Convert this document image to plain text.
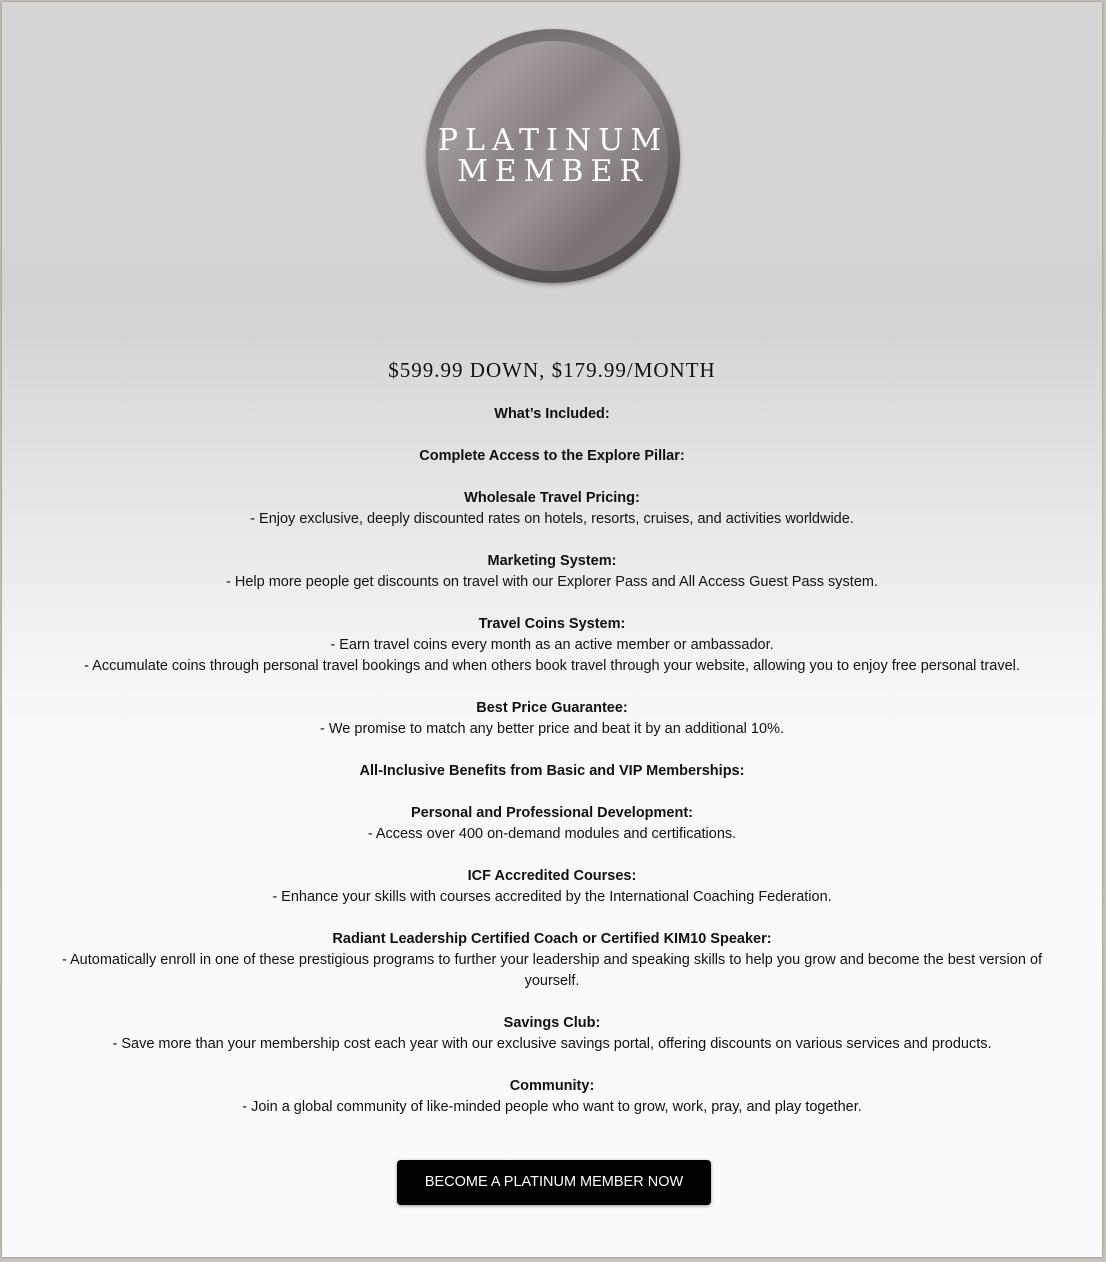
PLATINUM
MEMBER
$599.99 DOWN, $179.99/MONTH

What’s Included:

Complete Access to the Explore Pillar:

Wholesale Travel Pricing:

- Enjoy exclusive, deeply discounted rates on hotels, resorts, cruises, and activities worldwide.

Marketing System:

- Help more people get discounts on travel with our Explorer Pass and All Access Guest Pass system.

Travel Coins System:

- Earn travel coins every month as an active member or ambassador.

- Accumulate coins through personal travel bookings and when others book travel through your website, allowing you to enjoy free personal travel.

Best Price Guarantee:

- We promise to match any better price and beat it by an additional 10%.

All-Inclusive Benefits from Basic and VIP Memberships:

Personal and Professional Development:

- Access over 400 on-demand modules and certifications.

ICF Accredited Courses:

- Enhance your skills with courses accredited by the International Coaching Federation.

Radiant Leadership Certified Coach or Certified KIM10 Speaker:

- Automatically enroll in one of these prestigious programs to further your leadership and speaking skills to help you grow and become the best version of yourself.

Savings Club:

- Save more than your membership cost each year with our exclusive savings portal, offering discounts on various services and products.

Community:

- Join a global community of like-minded people who want to grow, work, pray, and play together.

BECOME A PLATINUM MEMBER NOW
